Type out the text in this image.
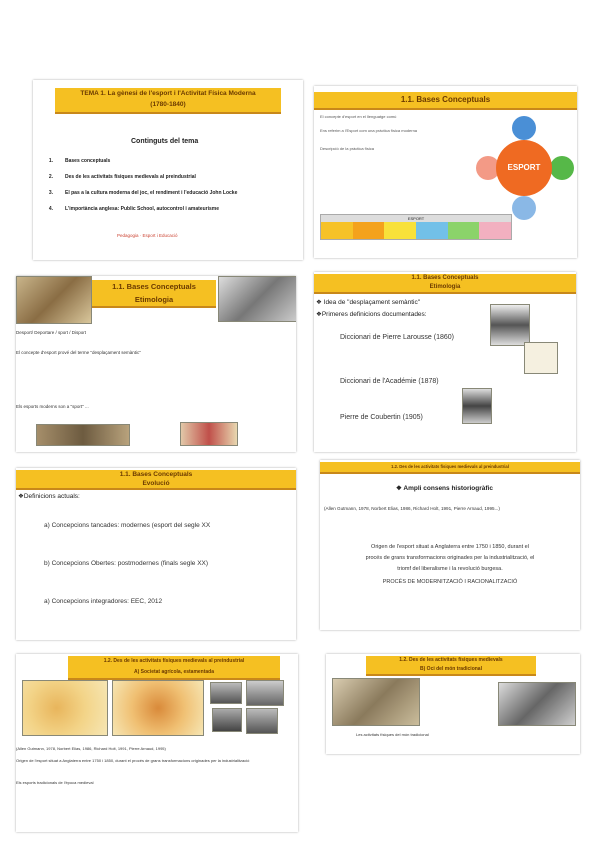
TEMA 1. La gènesi de l'esport i l'Activitat Física Moderna
(1780-1840)
Continguts del tema
1. Bases conceptuals
2. Des de les activitats físiques medievals al preindustrial
3. El pas a la cultura moderna del joc, el rendiment i l'educació John Locke
4. L'importància anglesa: Public School, autocontrol i amateurisme
Pedagogia · Esport i Educació
1.1. Bases Conceptuals
El concepte d'esport en el llenguatge comú
Ens referim a l'Esport com una pràctica física moderna
Descripció de la pràctica física
ESPORT
ESPORT
1.1. Bases Conceptuals
Etimologia
Desport/ Deportare / sport / Disport
El concepte d'esport prové del terme "desplaçament semàntic"
Els esports moderns son a "sport" ...
1.1. Bases Conceptuals
Etimologia
❖ Idea de "desplaçament semàntic"
❖Primeres definicions documentades:
Diccionari de Pierre Larousse (1860)
Diccionari de l'Académie (1878)
Pierre de Coubertin (1905)
1.1. Bases Conceptuals
Evolució
❖Definicions actuals:
a) Concepcions tancades: modernes (esport del segle XX
b) Concepcions Obertes: postmodernes (finals segle XX)
a) Concepcions integradores: EEC, 2012
1.2. Des de les activitats físiques medievals al preindustrial
❖ Ampli consens historiogràfic
(Allen Gutmann, 1978, Norbert Elias, 1986, Richard Holt, 1991, Pierre Arnaud, 1995...)
Origen de l'esport situat a Anglaterra entre 1750 i 1850, durant el
procés de grans transformacions originades per la industrialització, el
triomf del liberalisme i la revolució burgesa.
PROCÉS DE MODERNITZACIÓ I RACIONALITZACIÓ
1.2. Des de les activitats físiques medievals al preindustrial
A) Societat agrícola, estamentada
(Allen Gutmann, 1978, Norbert Elias, 1986, Richard Holt, 1991, Pierre Arnaud, 1995)
Origen de l'esport situat a Anglaterra entre 1750 i 1850, durant el procés de grans transformacions originades per la industrialització
Els esports tradicionals de l'època medieval
1.2. Des de les activitats físiques medievals
B) Oci del món tradicional
Les activitats físiques del món tradicional
